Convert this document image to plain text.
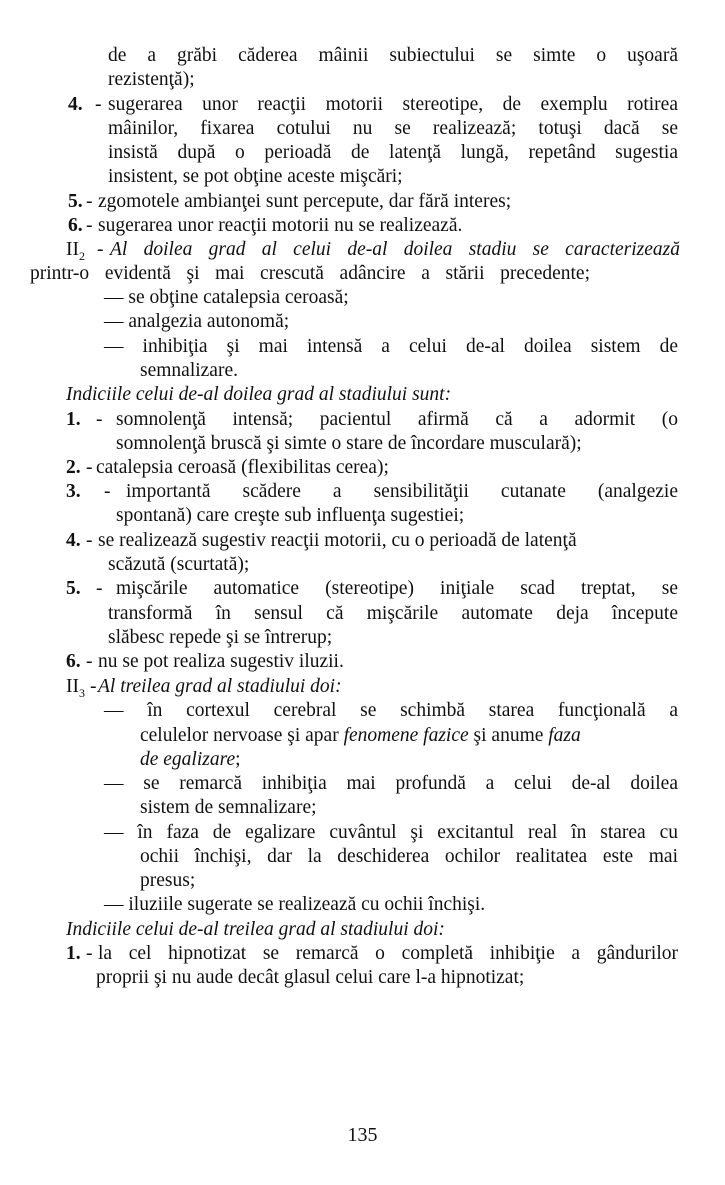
de a grăbi căderea mâinii subiectului se simte o uşoară
rezistenţă);
4. - sugerarea unor reacţii motorii stereotipe, de exemplu rotirea
mâinilor, fixarea cotului nu se realizează; totuşi dacă se
insistă după o perioadă de latenţă lungă, repetând sugestia
insistent, se pot obţine aceste mişcări;
5. - zgomotele ambianţei sunt percepute, dar fără interes;
6. - sugerarea unor reacţii motorii nu se realizează.
$II_2$ - Al doilea grad al celui de-al doilea stadiu se caracterizează
printr-o evidentă şi mai crescută adâncire a stării precedente;
— se obţine catalepsia ceroasă;
— analgezia autonomă;
— inhibiţia şi mai intensă a celui de-al doilea sistem de
semnalizare.
Indiciile celui de-al doilea grad al stadiului sunt:
1. - somnolenţă intensă; pacientul afirmă că a adormit (o
somnolenţă bruscă şi simte o stare de încordare musculară);
2. - catalepsia ceroasă (flexibilitas cerea);
3. - importantă scădere a sensibilităţii cutanate (analgezie
spontană) care creşte sub influenţa sugestiei;
4. - se realizează sugestiv reacţii motorii, cu o perioadă de latenţă
scăzută (scurtată);
5. - mişcările automatice (stereotipe) iniţiale scad treptat, se
transformă în sensul că mişcările automate deja începute
slăbesc repede şi se întrerup;
6. - nu se pot realiza sugestiv iluzii.
$II_3$ - Al treilea grad al stadiului doi:
— în cortexul cerebral se schimbă starea funcţională a
celulelor nervoase şi apar fenomene fazice şi anume faza
de egalizare;
— se remarcă inhibiţia mai profundă a celui de-al doilea
sistem de semnalizare;
— în faza de egalizare cuvântul şi excitantul real în starea cu
ochii închişi, dar la deschiderea ochilor realitatea este mai
presus;
— iluziile sugerate se realizează cu ochii închişi.
Indiciile celui de-al treilea grad al stadiului doi:
1. - la cel hipnotizat se remarcă o completă inhibiţie a gândurilor
proprii şi nu aude decât glasul celui care l-a hipnotizat;
135
